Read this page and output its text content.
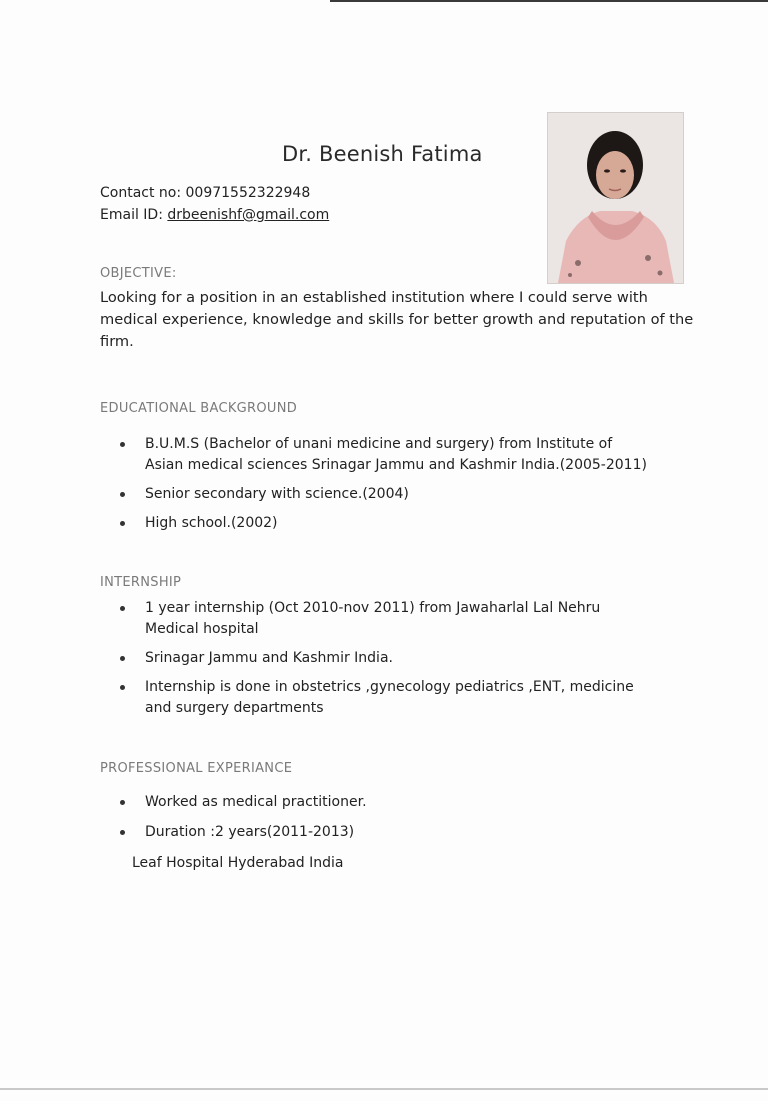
Dr. Beenish Fatima
Contact no: 00971552322948
Email ID: drbeenishf@gmail.com
OBJECTIVE:
Looking for a position in an established institution where I could serve with
medical experience, knowledge and skills for better growth and reputation of the
firm.
EDUCATIONAL BACKGROUND
B.U.M.S (Bachelor of unani medicine and surgery) from Institute of
Asian medical sciences Srinagar Jammu and Kashmir India.(2005-2011)
Senior secondary with science.(2004)
High school.(2002)
INTERNSHIP
1 year internship (Oct 2010-nov 2011) from Jawaharlal Lal Nehru
Medical hospital
Srinagar Jammu and Kashmir India.
Internship is done in obstetrics ,gynecology pediatrics ,ENT, medicine
and surgery departments
PROFESSIONAL EXPERIANCE
Worked as medical practitioner.
Duration :2 years(2011-2013)
Leaf Hospital Hyderabad India
